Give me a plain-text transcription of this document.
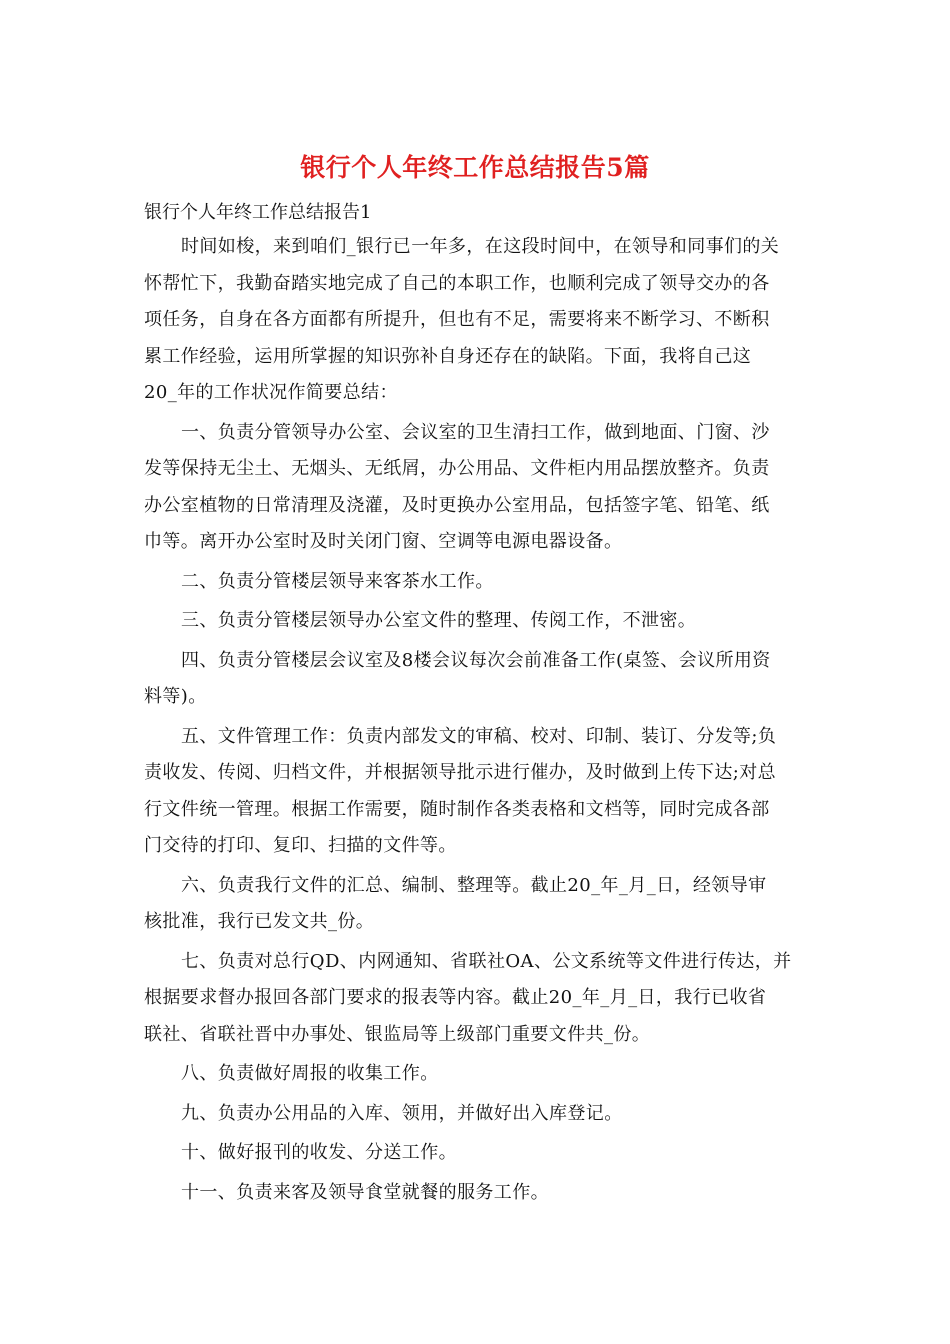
银行个人年终工作总结报告5篇
银行个人年终工作总结报告1
时间如梭，来到咱们_银行已一年多，在这段时间中，在领导和同事们的关
怀帮忙下，我勤奋踏实地完成了自己的本职工作，也顺利完成了领导交办的各
项任务，自身在各方面都有所提升，但也有不足，需要将来不断学习、不断积
累工作经验，运用所掌握的知识弥补自身还存在的缺陷。下面，我将自己这
20_年的工作状况作简要总结：
一、负责分管领导办公室、会议室的卫生清扫工作，做到地面、门窗、沙
发等保持无尘土、无烟头、无纸屑，办公用品、文件柜内用品摆放整齐。负责
办公室植物的日常清理及浇灌，及时更换办公室用品，包括签字笔、铅笔、纸
巾等。离开办公室时及时关闭门窗、空调等电源电器设备。
二、负责分管楼层领导来客茶水工作。
三、负责分管楼层领导办公室文件的整理、传阅工作，不泄密。
四、负责分管楼层会议室及8楼会议每次会前准备工作(桌签、会议所用资
料等)。
五、文件管理工作：负责内部发文的审稿、校对、印制、装订、分发等;负
责收发、传阅、归档文件，并根据领导批示进行催办，及时做到上传下达;对总
行文件统一管理。根据工作需要，随时制作各类表格和文档等，同时完成各部
门交待的打印、复印、扫描的文件等。
六、负责我行文件的汇总、编制、整理等。截止20_年_月_日，经领导审
核批准，我行已发文共_份。
七、负责对总行QD、内网通知、省联社OA、公文系统等文件进行传达，并
根据要求督办报回各部门要求的报表等内容。截止20_年_月_日，我行已收省
联社、省联社晋中办事处、银监局等上级部门重要文件共_份。
八、负责做好周报的收集工作。
九、负责办公用品的入库、领用，并做好出入库登记。
十、做好报刊的收发、分送工作。
十一、负责来客及领导食堂就餐的服务工作。
